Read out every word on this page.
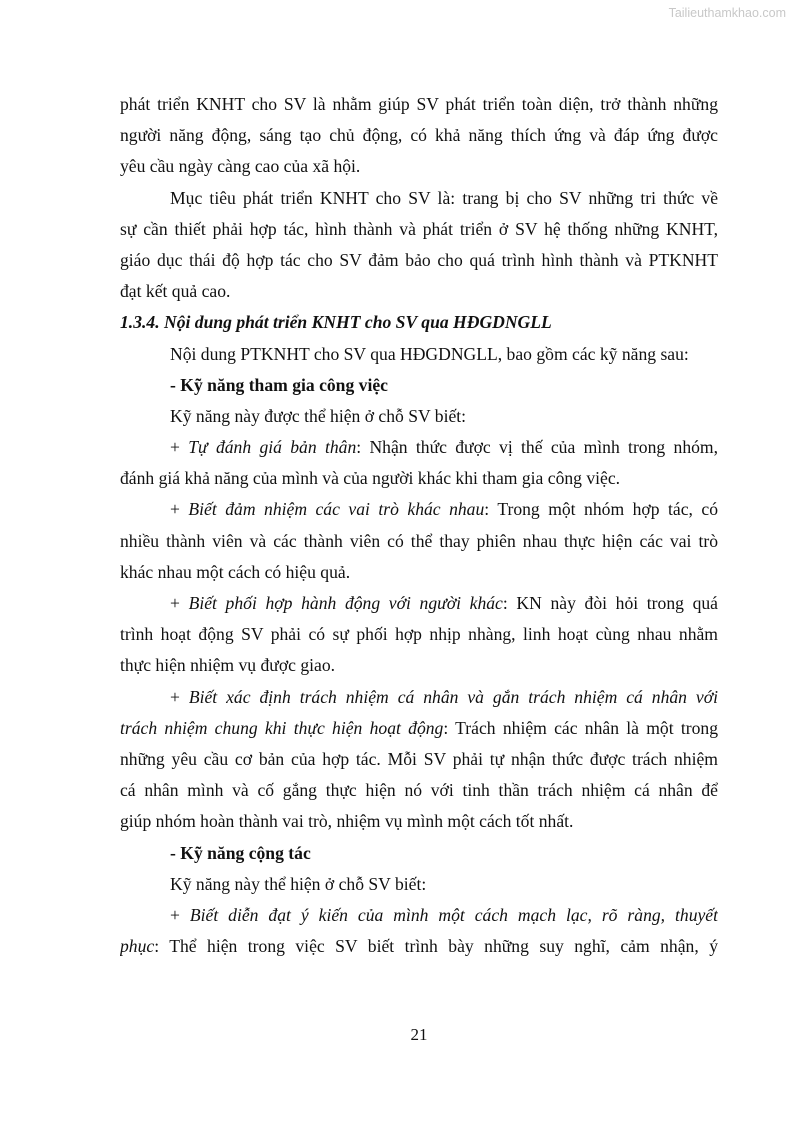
Tailieuthamkhao.com
phát triển KNHT cho SV là nhằm giúp SV phát triển toàn diện, trở thành những
người năng động, sáng tạo chủ động, có khả năng thích ứng và đáp ứng được
yêu cầu ngày càng cao của xã hội.
Mục tiêu phát triển KNHT cho SV là: trang bị cho SV những tri thức về
sự cần thiết phải hợp tác, hình thành và phát triển ở SV hệ thống những KNHT,
giáo dục thái độ hợp tác cho SV đảm bảo cho quá trình hình thành và PTKNHT
đạt kết quả cao.
1.3.4. Nội dung phát triển KNHT cho SV qua HĐGDNGLL
Nội dung PTKNHT cho SV qua HĐGDNGLL, bao gồm các kỹ năng sau:
- Kỹ năng tham gia công việc
Kỹ năng này được thể hiện ở chỗ SV biết:
+ Tự đánh giá bản thân: Nhận thức được vị thế của mình trong nhóm,
đánh giá khả năng của mình và của người khác khi tham gia công việc.
+ Biết đảm nhiệm các vai trò khác nhau: Trong một nhóm hợp tác, có
nhiều thành viên và các thành viên có thể thay phiên nhau thực hiện các vai trò
khác nhau một cách có hiệu quả.
+ Biết phối hợp hành động với người khác: KN này đòi hỏi trong quá
trình hoạt động SV phải có sự phối hợp nhịp nhàng, linh hoạt cùng nhau nhằm
thực hiện nhiệm vụ được giao.
+ Biết xác định trách nhiệm cá nhân và gắn trách nhiệm cá nhân với
trách nhiệm chung khi thực hiện hoạt động: Trách nhiệm các nhân là một trong
những yêu cầu cơ bản của hợp tác. Mỗi SV phải tự nhận thức được trách nhiệm
cá nhân mình và cố gắng thực hiện nó với tinh thần trách nhiệm cá nhân để
giúp nhóm hoàn thành vai trò, nhiệm vụ mình một cách tốt nhất.
- Kỹ năng cộng tác
Kỹ năng này thể hiện ở chỗ SV biết:
+ Biết diễn đạt ý kiến của mình một cách mạch lạc, rõ ràng, thuyết
phục: Thể hiện trong việc SV biết trình bày những suy nghĩ, cảm nhận, ý
21
